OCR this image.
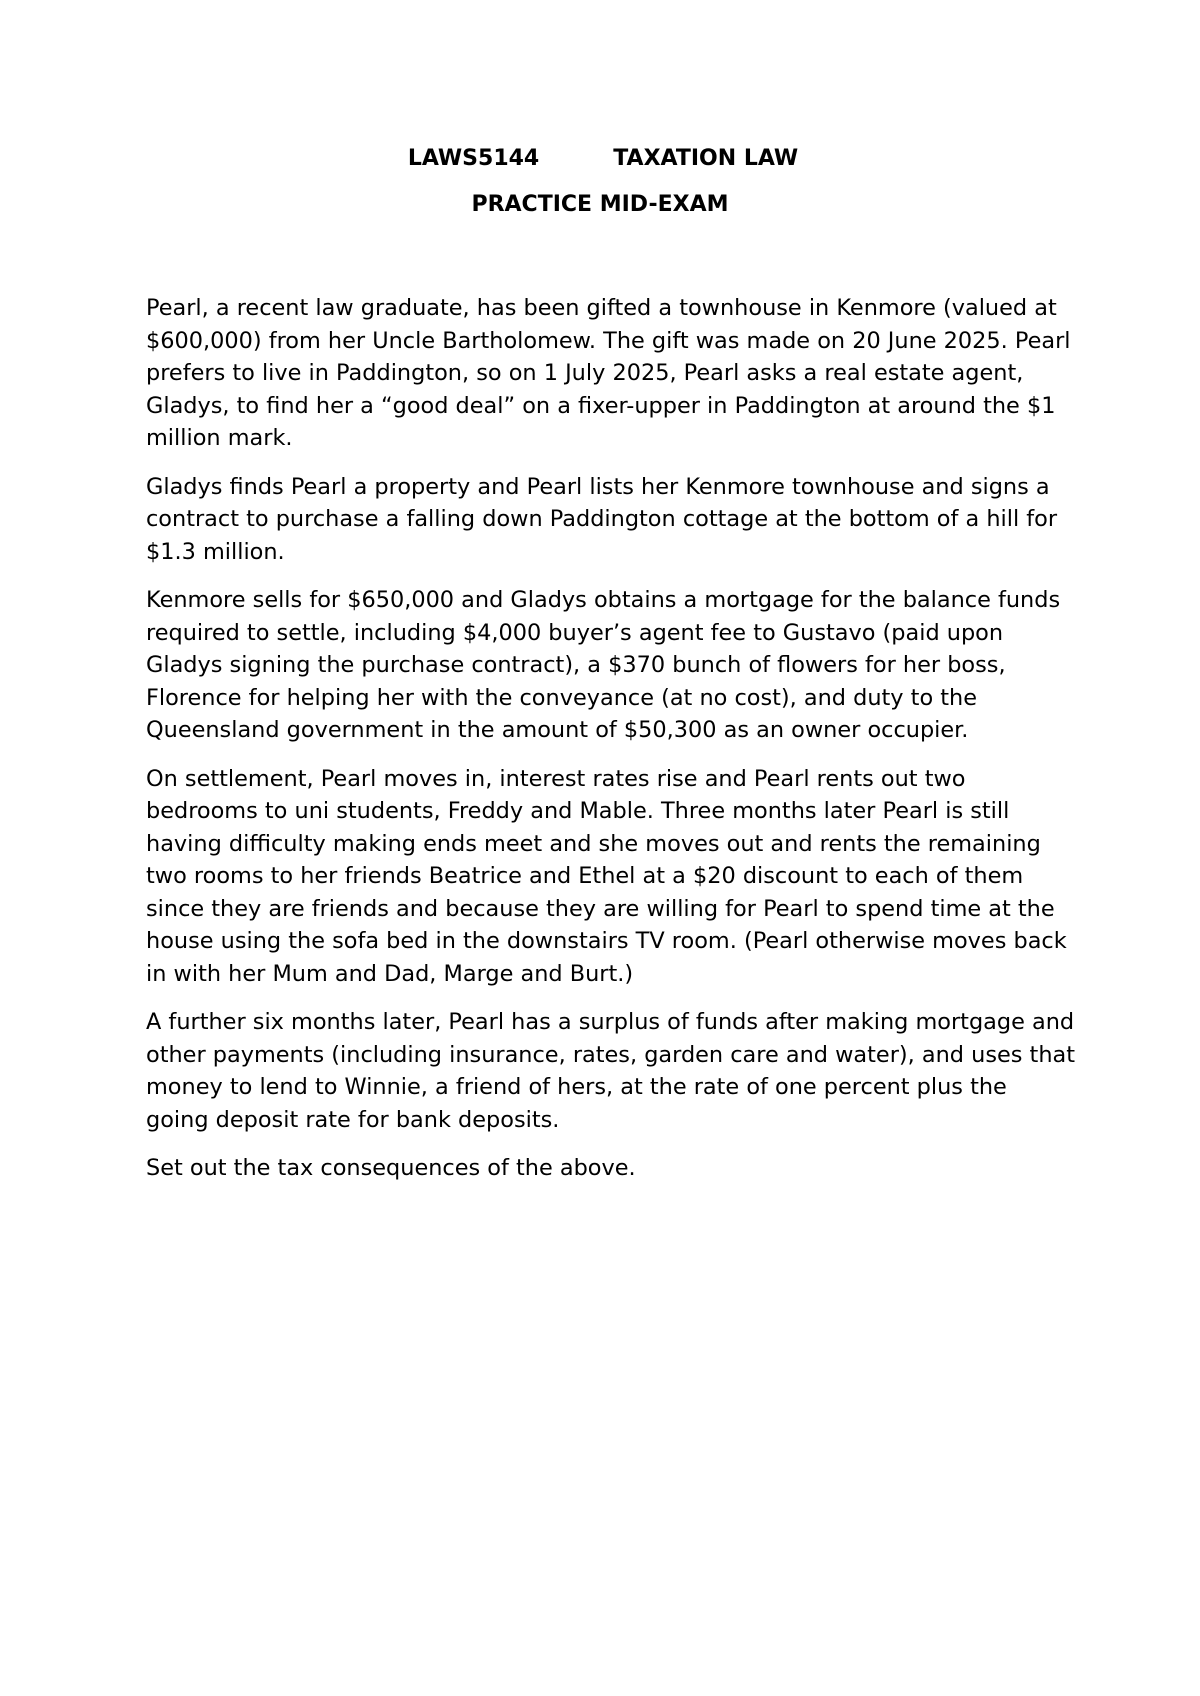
LAWS5144	TAXATION LAW
PRACTICE MID-EXAM

Pearl, a recent law graduate, has been gifted a townhouse in Kenmore (valued at $600,000) from her Uncle Bartholomew. The gift was made on 20 June 2025. Pearl prefers to live in Paddington, so on 1 July 2025, Pearl asks a real estate agent, Gladys, to find her a “good deal” on a fixer-upper in Paddington at around the $1 million mark.

Gladys finds Pearl a property and Pearl lists her Kenmore townhouse and signs a contract to purchase a falling down Paddington cottage at the bottom of a hill for $1.3 million.

Kenmore sells for $650,000 and Gladys obtains a mortgage for the balance funds required to settle, including $4,000 buyer’s agent fee to Gustavo (paid upon Gladys signing the purchase contract), a $370 bunch of flowers for her boss, Florence for helping her with the conveyance (at no cost), and duty to the Queensland government in the amount of $50,300 as an owner occupier.

On settlement, Pearl moves in, interest rates rise and Pearl rents out two bedrooms to uni students, Freddy and Mable. Three months later Pearl is still having difficulty making ends meet and she moves out and rents the remaining two rooms to her friends Beatrice and Ethel at a $20 discount to each of them since they are friends and because they are willing for Pearl to spend time at the house using the sofa bed in the downstairs TV room. (Pearl otherwise moves back in with her Mum and Dad, Marge and Burt.)

A further six months later, Pearl has a surplus of funds after making mortgage and other payments (including insurance, rates, garden care and water), and uses that money to lend to Winnie, a friend of hers, at the rate of one percent plus the going deposit rate for bank deposits.

Set out the tax consequences of the above.
